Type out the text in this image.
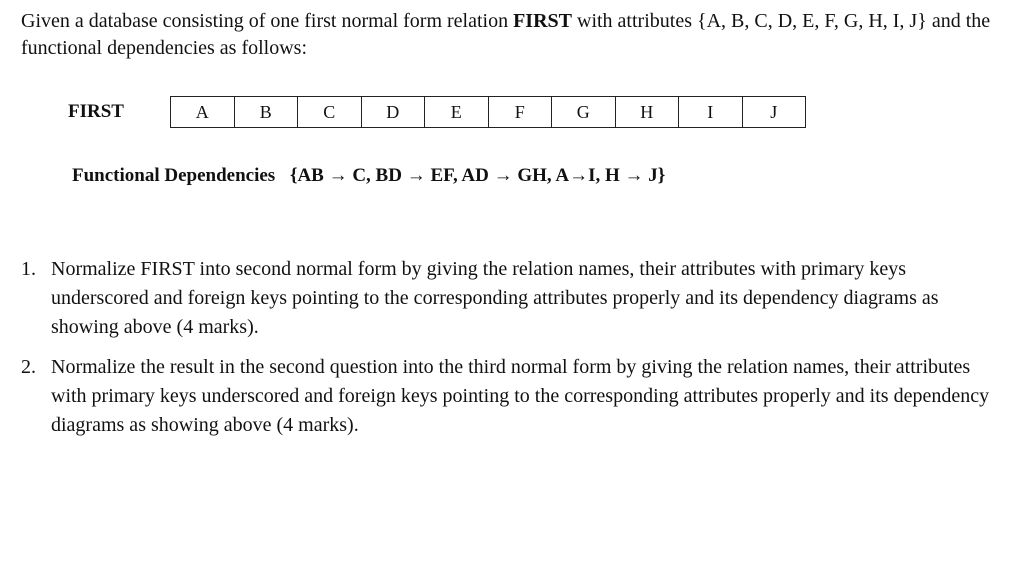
Given a database consisting of one first normal form relation FIRST with attributes {A, B, C, D, E, F, G, H, I, J} and the functional dependencies as follows:
FIRST	A	B	C	D	E	F	G	H	I	J
Functional Dependencies {AB → C, BD → EF, AD → GH, A→I, H → J}
1. Normalize FIRST into second normal form by giving the relation names, their attributes with primary keys underscored and foreign keys pointing to the corresponding attributes properly and its dependency diagrams as showing above (4 marks).
2. Normalize the result in the second question into the third normal form by giving the relation names, their attributes with primary keys underscored and foreign keys pointing to the corresponding attributes properly and its dependency diagrams as showing above (4 marks).
